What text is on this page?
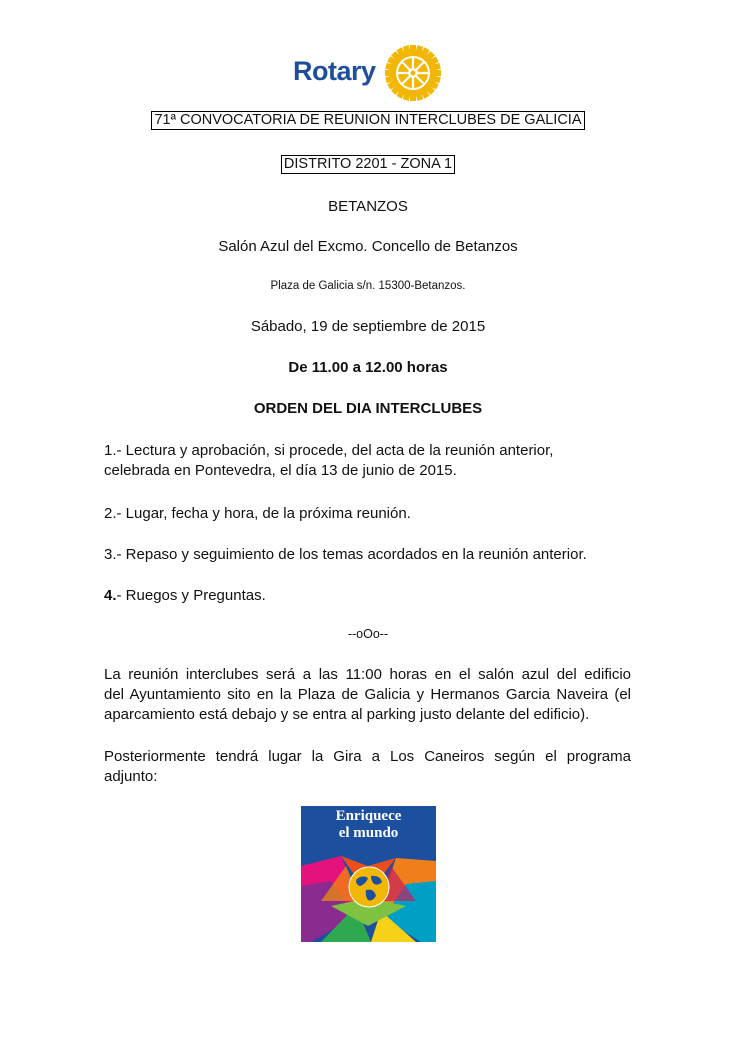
Rotary
71ª CONVOCATORIA DE REUNION INTERCLUBES DE GALICIA
DISTRITO 2201 - ZONA 1
BETANZOS
Salón Azul del Excmo. Concello de Betanzos
Plaza de Galicia s/n. 15300-Betanzos.
Sábado, 19 de septiembre de 2015
De 11.00 a 12.00 horas
ORDEN DEL DIA INTERCLUBES
1.- Lectura y aprobación, si procede, del acta de la reunión anterior,
celebrada en Pontevedra, el día 13 de junio de 2015.
2.- Lugar, fecha y hora, de la próxima reunión.
3.- Repaso y seguimiento de los temas acordados en la reunión anterior.
4.- Ruegos y Preguntas.
--oOo--
La reunión interclubes será a las 11:00 horas en el salón azul del edificio
del Ayuntamiento sito en la Plaza de Galicia y Hermanos Garcia Naveira (el
aparcamiento está debajo y se entra al parking justo delante del edificio).
Posteriormente tendrá lugar la Gira a Los Caneiros según el programa
adjunto:
Enriquece
el mundo
